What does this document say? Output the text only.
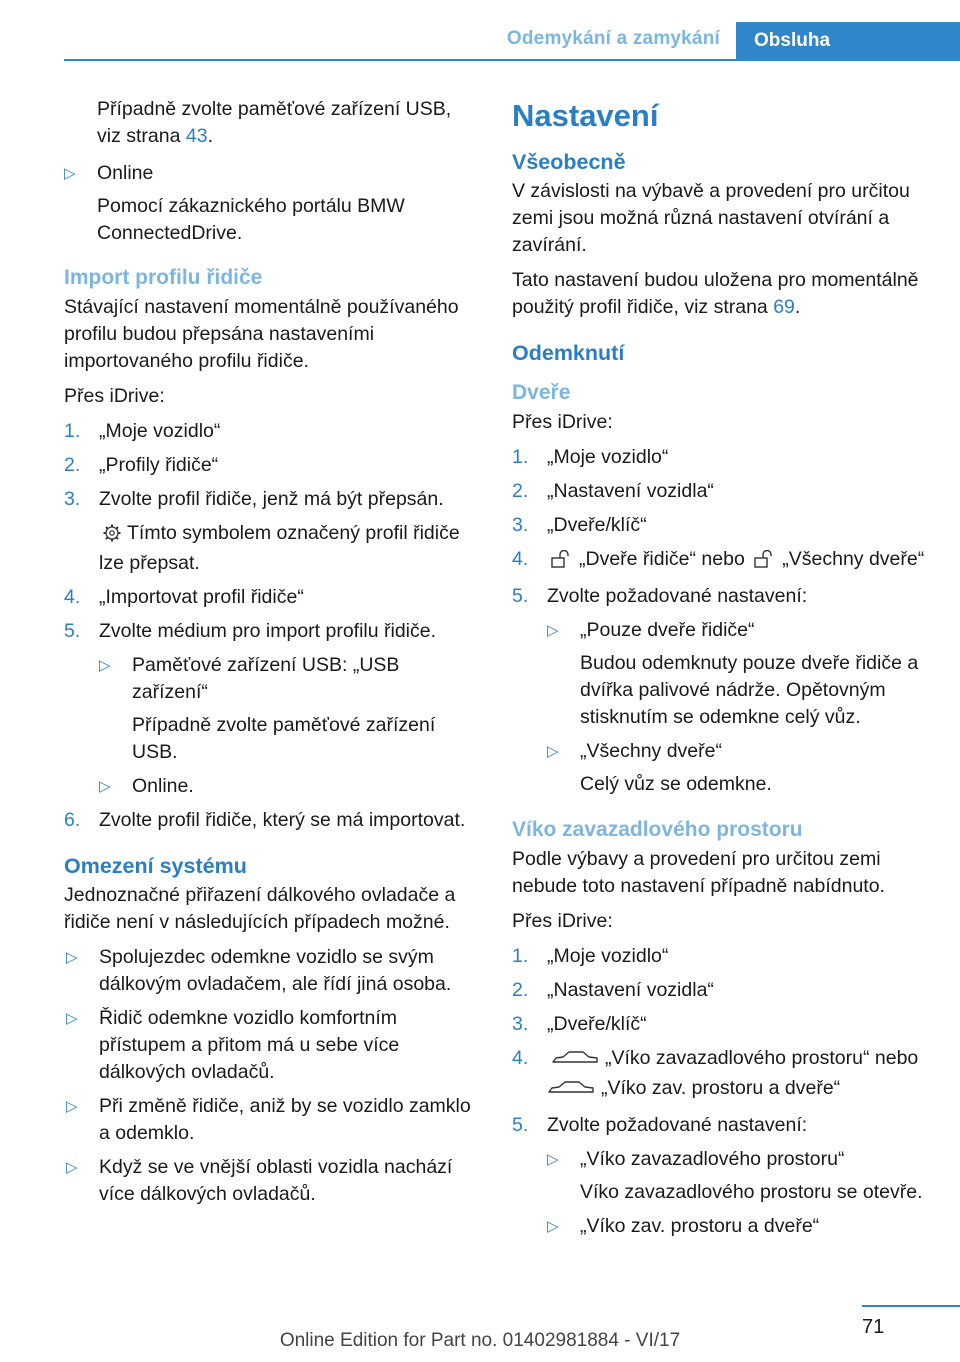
Odemykání a zamykání Obsluha
Případně zvolte paměťové zařízení USB, viz strana 43.
▷ Online
Pomocí zákaznického portálu BMW ConnectedDrive.
Import profilu řidiče

Stávající nastavení momentálně používaného profilu budou přepsána nastaveními importovaného profilu řidiče.

Přes iDrive:

1. „Moje vozidlo“
2. „Profily řidiče“
3. Zvolte profil řidiče, jenž má být přepsán.
Tímto symbolem označený profil řidiče lze přepsat.
4. „Importovat profil řidiče“
5. Zvolte médium pro import profilu řidiče.
▷ Paměťové zařízení USB: „USB zařízení“
Případně zvolte paměťové zařízení USB.
▷ Online.
6. Zvolte profil řidiče, který se má importovat.
Omezení systému

Jednoznačné přiřazení dálkového ovladače a řidiče není v následujících případech možné.

▷ Spolujezdec odemkne vozidlo se svým dálkovým ovladačem, ale řídí jiná osoba.
▷ Řidič odemkne vozidlo komfortním přístupem a přitom má u sebe více dálkových ovladačů.
▷ Při změně řidiče, aniž by se vozidlo zamklo a odemklo.
▷ Když se ve vnější oblasti vozidla nachází více dálkových ovladačů.
Nastavení
Všeobecně

V závislosti na výbavě a provedení pro určitou zemi jsou možná různá nastavení otvírání a zavírání.

Tato nastavení budou uložena pro momentálně použitý profil řidiče, viz strana 69.

Odemknutí
Dveře

Přes iDrive:

1. „Moje vozidlo“
2. „Nastavení vozidla“
3. „Dveře/klíč“
4.	„Dveře řidiče“ nebo „Všechny dveře“
5. Zvolte požadované nastavení:
▷ „Pouze dveře řidiče“
Budou odemknuty pouze dveře řidiče a dvířka palivové nádrže. Opětovným stisknutím se odemkne celý vůz.
▷ „Všechny dveře“
Celý vůz se odemkne.
Víko zavazadlového prostoru

Podle výbavy a provedení pro určitou zemi nebude toto nastavení případně nabídnuto.

Přes iDrive:

1. „Moje vozidlo“
2. „Nastavení vozidla“
3. „Dveře/klíč“
4.	„Víko zavazadlového prostoru“ nebo
„Víko zav. prostoru a dveře“
5. Zvolte požadované nastavení:
▷ „Víko zavazadlového prostoru“
Víko zavazadlového prostoru se otevře.
▷ „Víko zav. prostoru a dveře“
71
Online Edition for Part no. 01402981884 - VI/17
